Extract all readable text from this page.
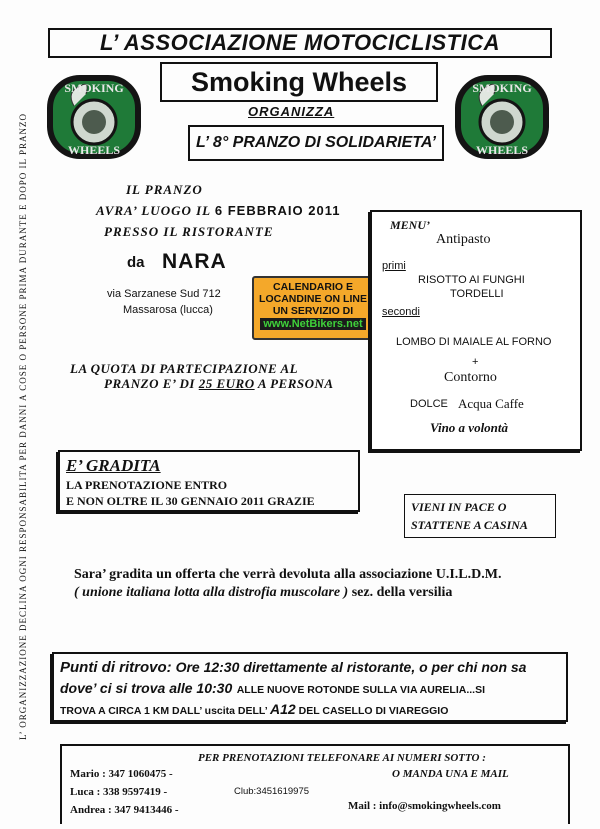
L’ ORGANIZZAZIONE DECLINA OGNI RESPONSABILITA PER DANNI A COSE O PERSONE PRIMA DURANTE E DOPO IL PRANZO
L’ ASSOCIAZIONE MOTOCICLISTICA
Smoking Wheels
ORGANIZZA
L’ 8° PRANZO DI SOLIDARIETA’
SMOKING
WHEELS
SMOKING
WHEELS
IL PRANZO
AVRA’ LUOGO IL 6 FEBBRAIO 2011
PRESSO IL RISTORANTE
da NARA
via Sarzanese Sud 712
Massarosa (lucca)
CALENDARIO E
LOCANDINE ON LINE
UN SERVIZIO DI
www.NetBikers.net
MENU’
Antipasto
primi
RISOTTO AI FUNGHI
TORDELLI
secondi
LOMBO DI MAIALE AL FORNO
+
Contorno
DOLCE Acqua Caffe
Vino a volontà
LA QUOTA DI PARTECIPAZIONE AL
PRANZO E’ DI 25 EURO A PERSONA
E’ GRADITA
LA PRENOTAZIONE ENTRO
E NON OLTRE IL 30 GENNAIO 2011 GRAZIE	VIENI IN PACE O
STATTENE A CASINA
Sara’ gradita un offerta che verrà devoluta alla associazione U.I.L.D.M.
( unione italiana lotta alla distrofia muscolare ) sez. della versilia
Punti di ritrovo: Ore 12:30 direttamente al ristorante, o per chi non sa
dove’ ci si trova alle 10:30 ALLE NUOVE ROTONDE SULLA VIA AURELIA...SI
TROVA A CIRCA 1 KM DALL’ uscita DELL’ A12 DEL CASELLO DI VIAREGGIO
PER PRENOTAZIONI TELEFONARE AI NUMERI SOTTO :
O MANDA UNA E MAIL
Mario : 347 1060475 -
Luca : 338 9597419 -	Club:3451619975
Andrea : 347 9413446 -	Mail : info@smokingwheels.com
